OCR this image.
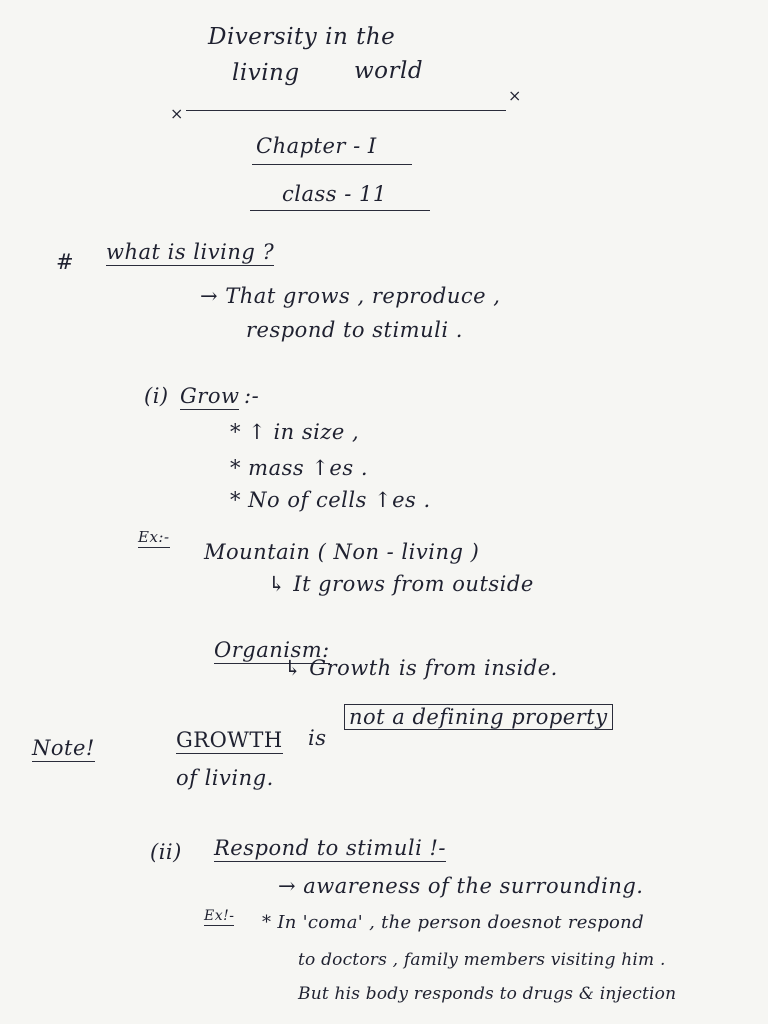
Diversity in the
living world
×
×
Chapter - I
class - 11
# what is living ?
→ That grows , reproduce ,
respond to stimuli .
(i) Grow :-
* ↑ in size ,
* mass ↑es .
* No of cells ↑es .
Ex:-
Mountain ( Non - living )
↳ It grows from outside
Organism:
↳ Growth is from inside.
Note!	GROWTH is
not a defining property
of living.
(ii) Respond to stimuli !-
→ awareness of the surrounding.
Ex!- * In 'coma' , the person doesnot respond
to doctors , family members visiting him .
But his body responds to drugs & injection
